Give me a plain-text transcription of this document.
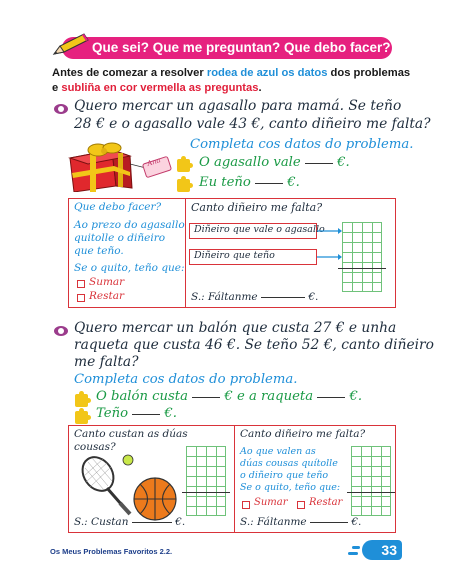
Que sei? Que me preguntan? Que debo facer?
Antes de comezar a resolver rodea de azul os datos dos problemas e subliña en cor vermella as preguntas.
Quero mercar un agasallo para mamá. Se teño
28 € e o agasallo vale 43 €, canto diñeiro me falta?
Ana
Completa cos datos do problema.
O agasallo vale	€.
Eu teño	€.
Que debo facer?
Ao prezo do agasallo
quitolle o diñeiro
que teño.
Se o quito, teño que:
Sumar
Restar
Canto diñeiro me falta?
Diñeiro que vale o agasallo
Diñeiro que teño
S.: Fáltanme	€.
Quero mercar un balón que custa 27 € e unha
raqueta que custa 46 €. Se teño 52 €, canto diñeiro
me falta?
Completa cos datos do problema.
O balón custa	€ e a raqueta	€.
Teño	€.
Canto custan as dúas
cousas?
S.: Custan	€.
Canto diñeiro me falta?
Ao que valen as
dúas cousas quítolle
o diñeiro que teño
Se o quito, teño que:
Sumar Restar
S.: Fáltanme	€.
Os Meus Problemas Favoritos 2.2.	33
